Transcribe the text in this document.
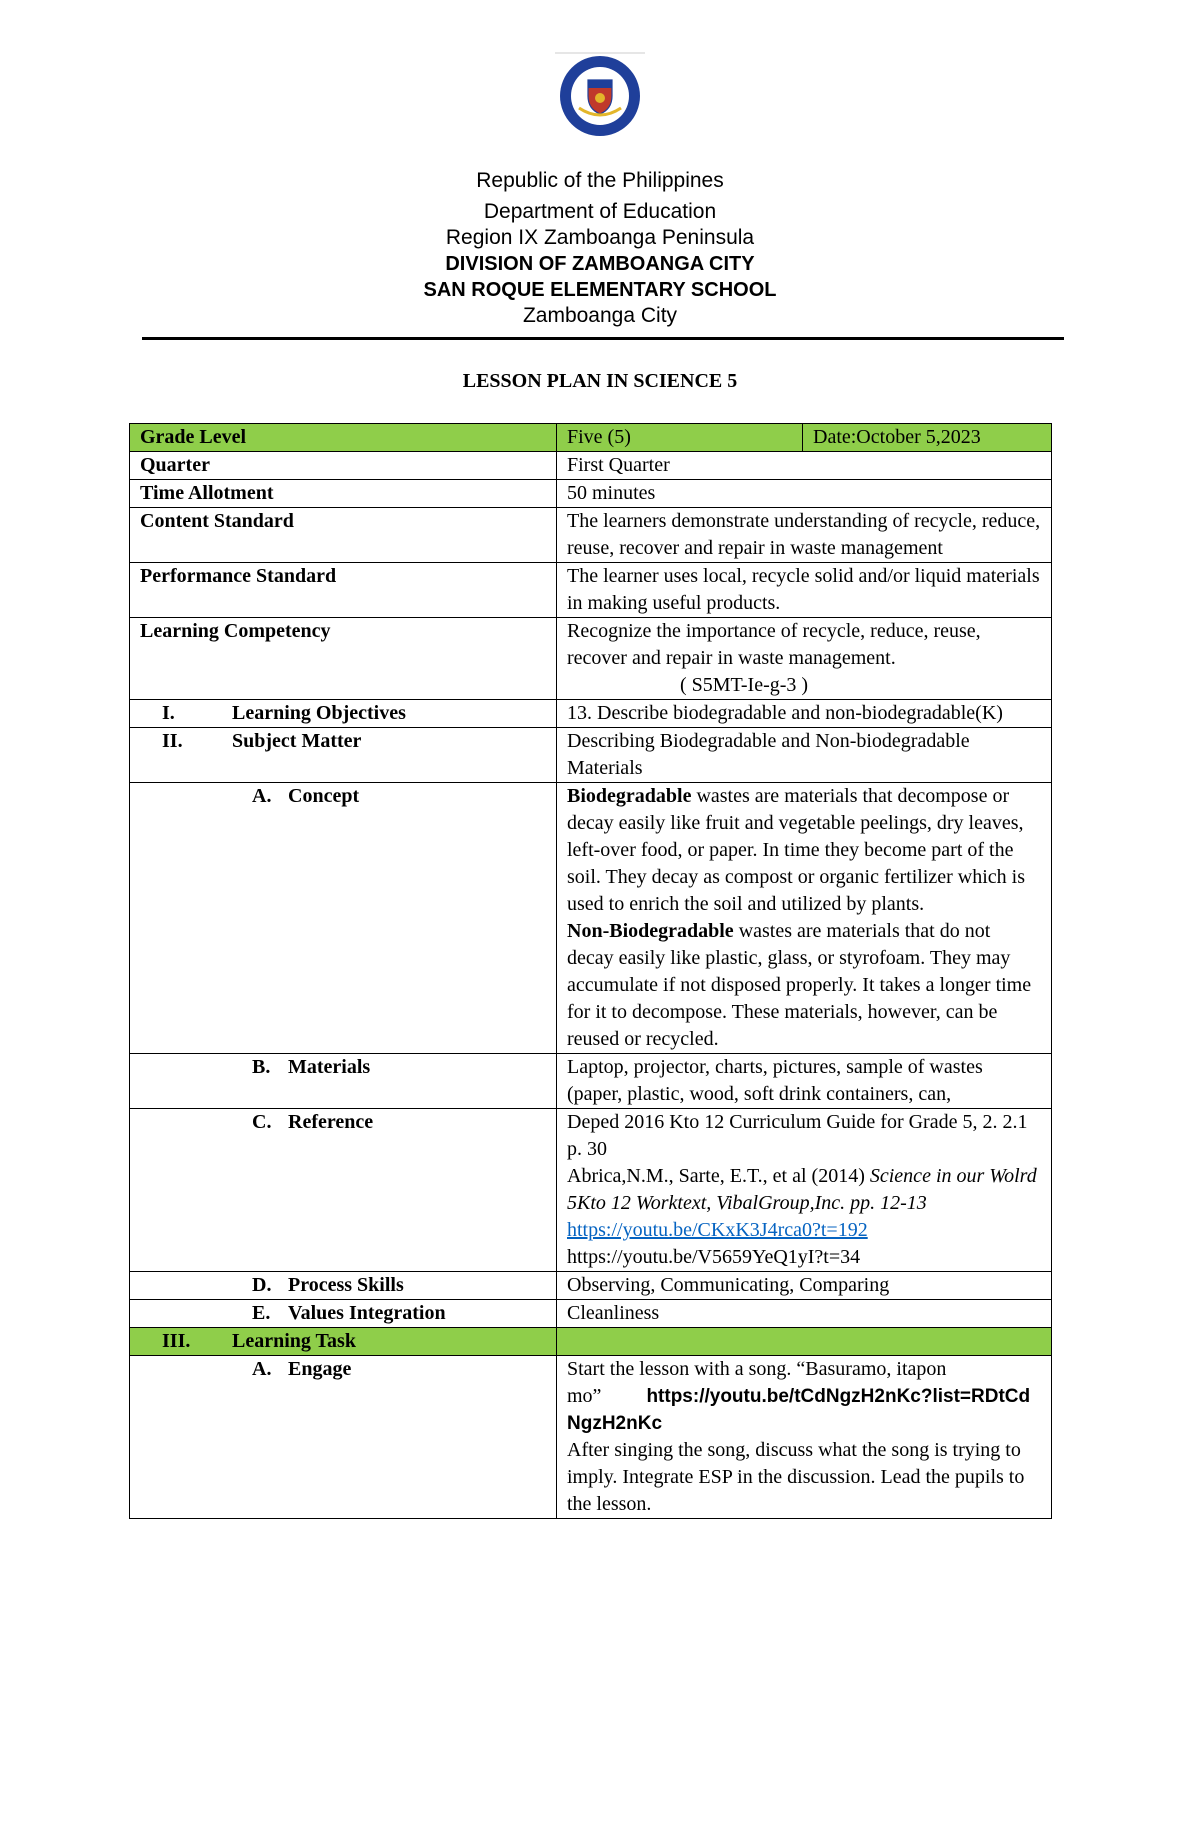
Republic of the Philippines
Department of Education
Region IX Zamboanga Peninsula
DIVISION OF ZAMBOANGA CITY
SAN ROQUE ELEMENTARY SCHOOL
Zamboanga City
LESSON PLAN IN SCIENCE 5
Grade Level	Five (5)	Date:October 5,2023
Quarter	First Quarter	
Time Allotment	50 minutes	
Content Standard	The learners demonstrate understanding of recycle, reduce, reuse, recover and repair in waste management	
Performance Standard	The learner uses local, recycle solid and/or liquid materials in making useful products.	
Learning Competency	Recognize the importance of recycle, reduce, reuse, recover and repair in waste management.
( S5MT-Ie-g-3 )	

I. Learning Objectives	13. Describe biodegradable and non-biodegradable(K)	
II. Subject Matter	Describing Biodegradable and Non-biodegradable Materials	
A. Concept	Biodegradable wastes are materials that decompose or decay easily like fruit and vegetable peelings, dry leaves, left-over food, or paper. In time they become part of the soil. They decay as compost or organic fertilizer which is used to enrich the soil and utilized by plants.
Non-Biodegradable wastes are materials that do not decay easily like plastic, glass, or styrofoam. They may accumulate if not disposed properly. It takes a longer time for it to decompose. These materials, however, can be reused or recycled.	

B. Materials	Laptop, projector, charts, pictures, sample of wastes (paper, plastic, wood, soft drink containers, can,	
C. Reference	Deped 2016 Kto 12 Curriculum Guide for Grade 5, 2. 2.1 p. 30
Abrica,N.M., Sarte, E.T., et al (2014) Science in our Wolrd 5Kto 12 Worktext, VibalGroup,Inc. pp. 12-13
https://youtu.be/CKxK3J4rca0?t=192
https://youtu.be/V5659YeQ1yI?t=34	

D. Process Skills	Observing, Communicating, Comparing	
E. Values Integration	Cleanliness	
III. Learning Task		
A. Engage	Start the lesson with a song. “Basuramo, itapon mo” https://youtu.be/tCdNgzH2nKc?list=RDtCdNgzH2nKc
After singing the song, discuss what the song is trying to imply. Integrate ESP in the discussion. Lead the pupils to the lesson.	
